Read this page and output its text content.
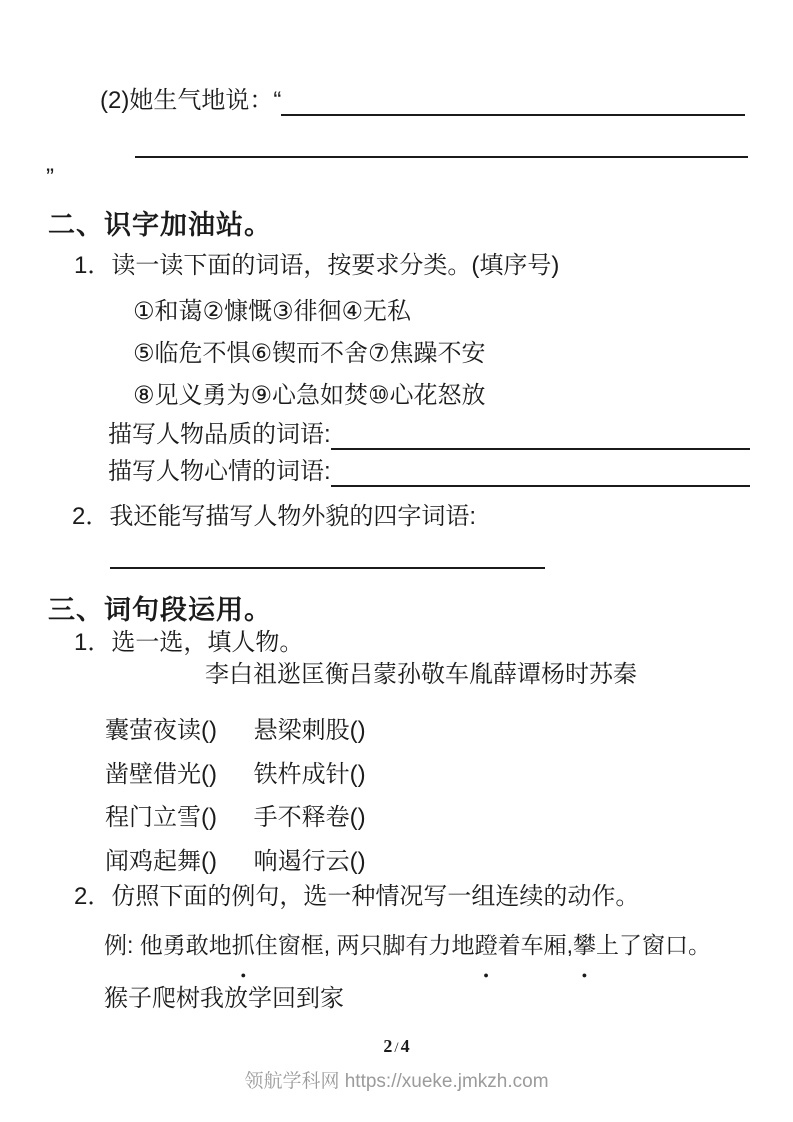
(2)她生气地说：“
”
二、识字加油站。
1．读一读下面的词语，按要求分类。(填序号)
①和蔼②慷慨③徘徊④无私
⑤临危不惧⑥锲而不舍⑦焦躁不安
⑧见义勇为⑨心急如焚⑩心花怒放
描写人物品质的词语:
描写人物心情的词语:
2．我还能写描写人物外貌的四字词语:
三、词句段运用。
1．选一选，填人物。
李白祖逖匡衡吕蒙孙敬车胤薛谭杨时苏秦
囊萤夜读() 悬梁刺股()
凿壁借光() 铁杵成针()
程门立雪() 手不释卷()
闻鸡起舞() 响遏行云()
2．仿照下面的例句，选一种情况写一组连续的动作。
例: 他勇敢地抓 ●住窗框, 两只脚有力地蹬 ●着车厢,攀 ●上了窗口。
猴子爬树我放学回到家
2 / 4
领航学科网 https://xueke.jmkzh.com
